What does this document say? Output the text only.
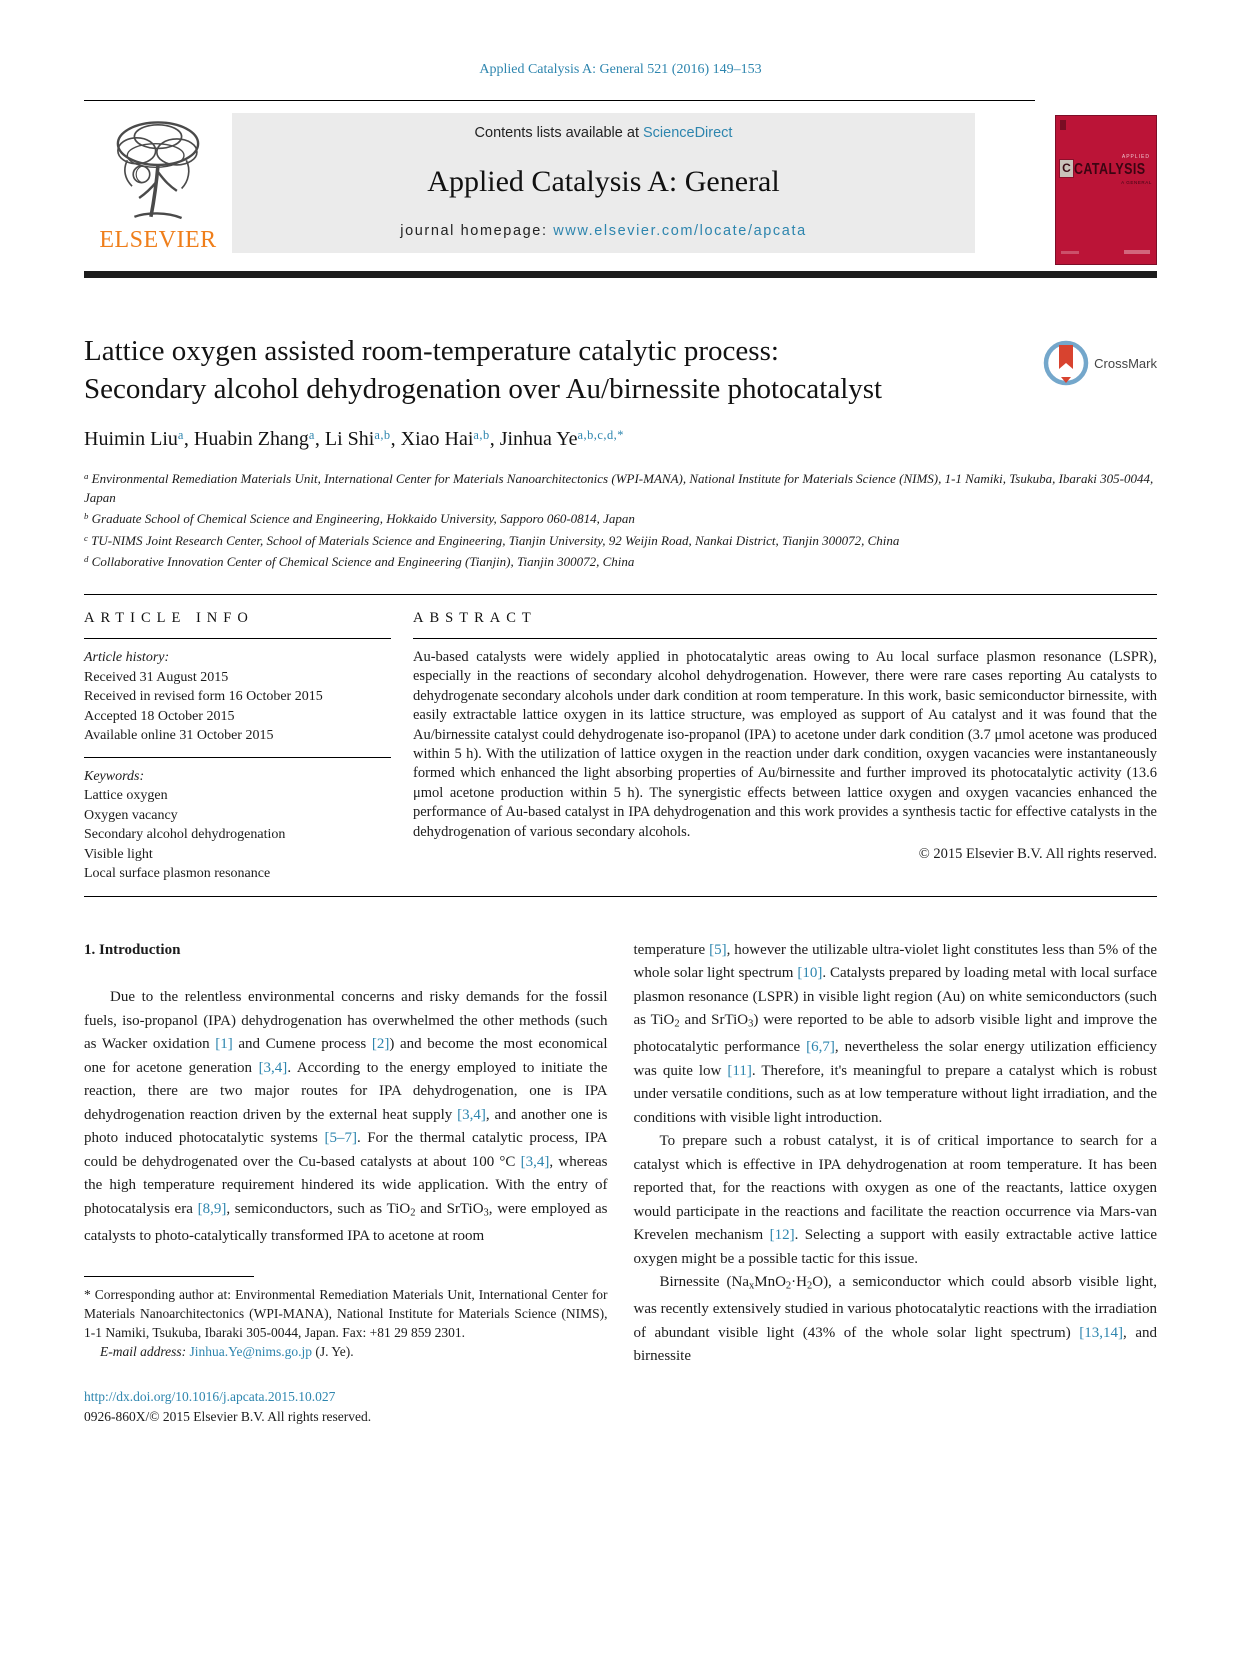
Applied Catalysis A: General 521 (2016) 149–153
ELSEVIER
Contents lists available at ScienceDirect
Applied Catalysis A: General
journal homepage: www.elsevier.com/locate/apcata
APPLIED
C CATALYSIS
A GENERAL
Lattice oxygen assisted room-temperature catalytic process:
Secondary alcohol dehydrogenation over Au/birnessite photocatalyst
CrossMark
Huimin Liu$^a$, Huabin Zhang$^a$, Li Shi$^{a,b}$, Xiao Hai$^{a,b}$, Jinhua $Ye^{a,b,c,d,*}$
$^a$ Environmental Remediation Materials Unit, International Center for Materials Nanoarchitectonics (WPI-MANA), National Institute for Materials Science (NIMS), 1-1 Namiki, Tsukuba, Ibaraki 305-0044, Japan
$^b$ Graduate School of Chemical Science and Engineering, Hokkaido University, Sapporo 060-0814, Japan
$^c$ TU-NIMS Joint Research Center, School of Materials Science and Engineering, Tianjin University, 92 Weijin Road, Nankai District, Tianjin 300072, China
$^d$ Collaborative Innovation Center of Chemical Science and Engineering (Tianjin), Tianjin 300072, China
ARTICLE INFO
Article history:
Received 31 August 2015
Received in revised form 16 October 2015
Accepted 18 October 2015
Available online 31 October 2015
Keywords:
Lattice oxygen
Oxygen vacancy
Secondary alcohol dehydrogenation
Visible light
Local surface plasmon resonance
ABSTRACT
Au-based catalysts were widely applied in photocatalytic areas owing to Au local surface plasmon resonance (LSPR), especially in the reactions of secondary alcohol dehydrogenation. However, there were rare cases reporting Au catalysts to dehydrogenate secondary alcohols under dark condition at room temperature. In this work, basic semiconductor birnessite, with easily extractable lattice oxygen in its lattice structure, was employed as support of Au catalyst and it was found that the Au/birnessite catalyst could dehydrogenate iso-propanol (IPA) to acetone under dark condition (3.7 μmol acetone was produced within 5 h). With the utilization of lattice oxygen in the reaction under dark condition, oxygen vacancies were instantaneously formed which enhanced the light absorbing properties of Au/birnessite and further improved its photocatalytic activity (13.6 μmol acetone production within 5 h). The synergistic effects between lattice oxygen and oxygen vacancies enhanced the performance of Au-based catalyst in IPA dehydrogenation and this work provides a synthesis tactic for effective catalysts in the dehydrogenation of various secondary alcohols.
© 2015 Elsevier B.V. All rights reserved.
1. Introduction

Due to the relentless environmental concerns and risky demands for the fossil fuels, iso-propanol (IPA) dehydrogenation has overwhelmed the other methods (such as Wacker oxidation [1] and Cumene process [2]) and become the most economical one for acetone generation [3,4]. According to the energy employed to initiate the reaction, there are two major routes for IPA dehydrogenation, one is IPA dehydrogenation reaction driven by the external heat supply [3,4], and another one is photo induced photocatalytic systems [5–7]. For the thermal catalytic process, IPA could be dehydrogenated over the Cu-based catalysts at about 100 °C [3,4], whereas the high temperature requirement hindered its wide application. With the entry of photocatalysis era [8,9], semiconductors, such as TiO$_2$ and SrTiO$_3$, were employed as catalysts to photo-catalytically transformed IPA to acetone at room

* Corresponding author at: Environmental Remediation Materials Unit, International Center for Materials Nanoarchitectonics (WPI-MANA), National Institute for Materials Science (NIMS), 1-1 Namiki, Tsukuba, Ibaraki 305-0044, Japan. Fax: +81 29 859 2301.
E-mail address: Jinhua.Ye@nims.go.jp (J. Ye).
http://dx.doi.org/10.1016/j.apcata.2015.10.027
0926-860X/© 2015 Elsevier B.V. All rights reserved.

temperature [5], however the utilizable ultra-violet light constitutes less than 5% of the whole solar light spectrum [10]. Catalysts prepared by loading metal with local surface plasmon resonance (LSPR) in visible light region (Au) on white semiconductors (such as TiO$_2$ and SrTiO$_3$) were reported to be able to adsorb visible light and improve the photocatalytic performance [6,7], nevertheless the solar energy utilization efficiency was quite low [11]. Therefore, it's meaningful to prepare a catalyst which is robust under versatile conditions, such as at low temperature without light irradiation, and the conditions with visible light introduction.

To prepare such a robust catalyst, it is of critical importance to search for a catalyst which is effective in IPA dehydrogenation at room temperature. It has been reported that, for the reactions with oxygen as one of the reactants, lattice oxygen would participate in the reactions and facilitate the reaction occurrence via Mars-van Krevelen mechanism [12]. Selecting a support with easily extractable active lattice oxygen might be a possible tactic for this issue.

Birnessite $(Na_xMnO_2\cdot H_2O)$, a semiconductor which could absorb visible light, was recently extensively studied in various photocatalytic reactions with the irradiation of abundant visible light (43% of the whole solar light spectrum) [13,14], and birnessite
